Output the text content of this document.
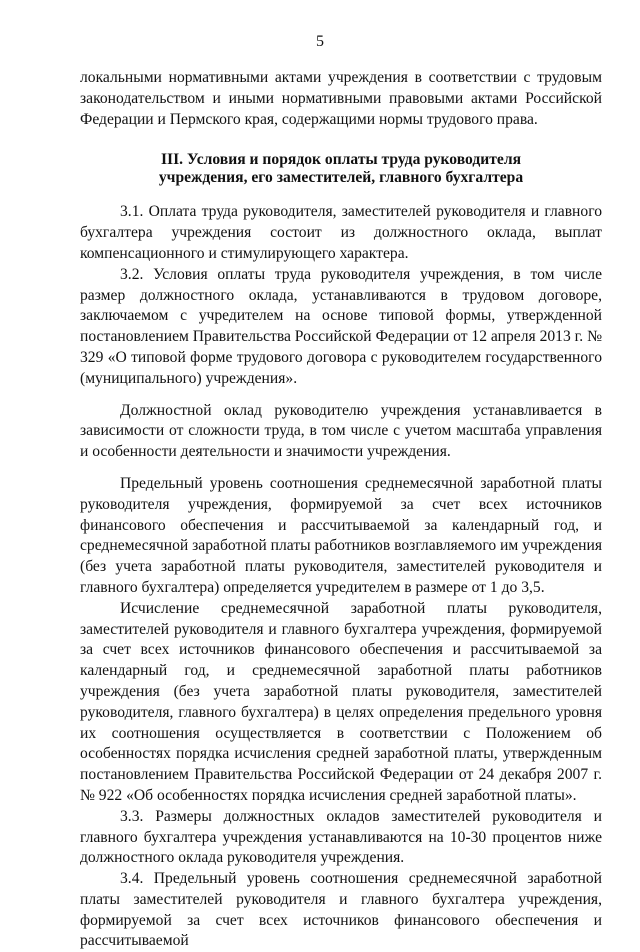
5

локальными нормативными актами учреждения в соответствии с трудовым законодательством и иными нормативными правовыми актами Российской Федерации и Пермского края, содержащими нормы трудового права.

III. Условия и порядок оплаты труда руководителя
учреждения, его заместителей, главного бухгалтера

3.1. Оплата труда руководителя, заместителей руководителя и главного бухгалтера учреждения состоит из должностного оклада, выплат компенсационного и стимулирующего характера.

3.2. Условия оплаты труда руководителя учреждения, в том числе размер должностного оклада, устанавливаются в трудовом договоре, заключаемом с учредителем на основе типовой формы, утвержденной постановлением Правительства Российской Федерации от 12 апреля 2013 г. № 329 «О типовой форме трудового договора с руководителем государственного (муниципального) учреждения».

Должностной оклад руководителю учреждения устанавливается в зависимости от сложности труда, в том числе с учетом масштаба управления и особенности деятельности и значимости учреждения.

Предельный уровень соотношения среднемесячной заработной платы руководителя учреждения, формируемой за счет всех источников финансового обеспечения и рассчитываемой за календарный год, и среднемесячной заработной платы работников возглавляемого им учреждения (без учета заработной платы руководителя, заместителей руководителя и главного бухгалтера) определяется учредителем в размере от 1 до 3,5.

Исчисление среднемесячной заработной платы руководителя, заместителей руководителя и главного бухгалтера учреждения, формируемой за счет всех источников финансового обеспечения и рассчитываемой за календарный год, и среднемесячной заработной платы работников учреждения (без учета заработной платы руководителя, заместителей руководителя, главного бухгалтера) в целях определения предельного уровня их соотношения осуществляется в соответствии с Положением об особенностях порядка исчисления средней заработной платы, утвержденным постановлением Правительства Российской Федерации от 24 декабря 2007 г. № 922 «Об особенностях порядка исчисления средней заработной платы».

3.3. Размеры должностных окладов заместителей руководителя и главного бухгалтера учреждения устанавливаются на 10-30 процентов ниже должностного оклада руководителя учреждения.

3.4. Предельный уровень соотношения среднемесячной заработной платы заместителей руководителя и главного бухгалтера учреждения, формируемой за счет всех источников финансового обеспечения и рассчитываемой
